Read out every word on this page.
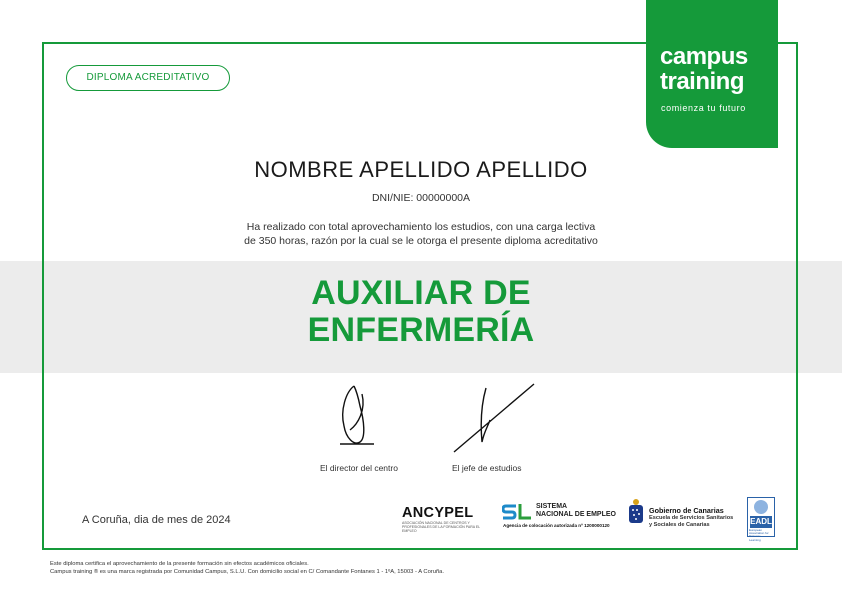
DIPLOMA ACREDITATIVO
campus
training
comienza tu futuro
NOMBRE APELLIDO APELLIDO
DNI/NIE: 00000000A
Ha realizado con total aprovechamiento los estudios, con una carga lectiva
de 350 horas, razón por la cual se le otorga el presente diploma acreditativo
AUXILIAR DE
ENFERMERÍA
El director del centro	El jefe de estudios
A Coruña, dia de mes de 2024	ANCYPEL
ASOCIACIÓN NACIONAL DE CENTROS Y PROFESIONALES DE LA FORMACIÓN PARA EL EMPLEO
SISTEMA
NACIONAL DE EMPLEO
Agencia de colocación autorizada nº 1200000120
Gobierno de Canarias
Escuela de Servicios Sanitarios
y Sociales de Canarias	EADL
European Association for Distance Learning
Este diploma certifica el aprovechamiento de la presente formación sin efectos académicos oficiales.
Campus training ® es una marca registrada por Comunidad Campus, S.L.U. Con domicilio social en C/ Comandante Fontanes 1 - 1ºA, 15003 - A Coruña.
